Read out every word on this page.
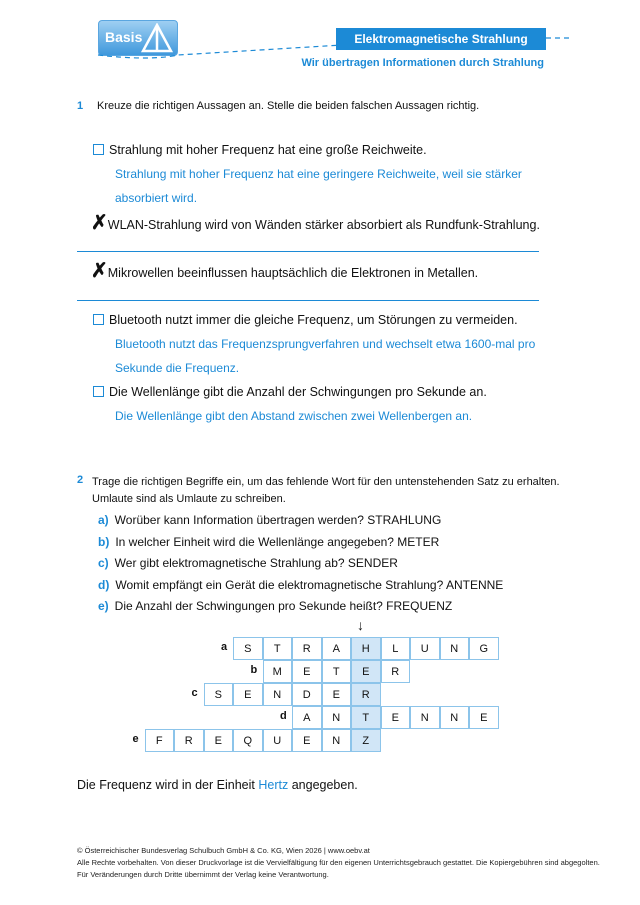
Basis	Elektromagnetische Strahlung
Wir übertragen Informationen durch Strahlung
1 Kreuze die richtigen Aussagen an. Stelle die beiden falschen Aussagen richtig.
Strahlung mit hoher Frequenz hat eine große Reichweite.
Strahlung mit hoher Frequenz hat eine geringere Reichweite, weil sie stärker
absorbiert wird.
✗WLAN-Strahlung wird von Wänden stärker absorbiert als Rundfunk-Strahlung.
✗Mikrowellen beeinflussen hauptsächlich die Elektronen in Metallen.
Bluetooth nutzt immer die gleiche Frequenz, um Störungen zu vermeiden.
Bluetooth nutzt das Frequenzsprungverfahren und wechselt etwa 1600-mal pro
Sekunde die Frequenz.
Die Wellenlänge gibt die Anzahl der Schwingungen pro Sekunde an.
Die Wellenlänge gibt den Abstand zwischen zwei Wellenbergen an.
2 Trage die richtigen Begriffe ein, um das fehlende Wort für den untenstehenden Satz zu erhalten.
Umlaute sind als Umlaute zu schreiben.
a) Worüber kann Information übertragen werden? STRAHLUNG
b) In welcher Einheit wird die Wellenlänge angegeben? METER
c) Wer gibt elektromagnetische Strahlung ab? SENDER
d) Womit empfängt ein Gerät die elektromagnetische Strahlung? ANTENNE
e) Die Anzahl der Schwingungen pro Sekunde heißt? FREQUENZ
↓
a	S	T	R	A	H	L	U	N	G
b	M	E	T	E	R
c	S	E	N	D	E	R
d	A	N	T	E	N	N	E
e	F	R	E	Q	U	E	N	Z
Die Frequenz wird in der Einheit Hertz angegeben.
© Österreichischer Bundesverlag Schulbuch GmbH & Co. KG, Wien 2026 | www.oebv.at
Alle Rechte vorbehalten. Von dieser Druckvorlage ist die Vervielfältigung für den eigenen Unterrichtsgebrauch gestattet. Die Kopiergebühren sind abgegolten.
Für Veränderungen durch Dritte übernimmt der Verlag keine Verantwortung.
